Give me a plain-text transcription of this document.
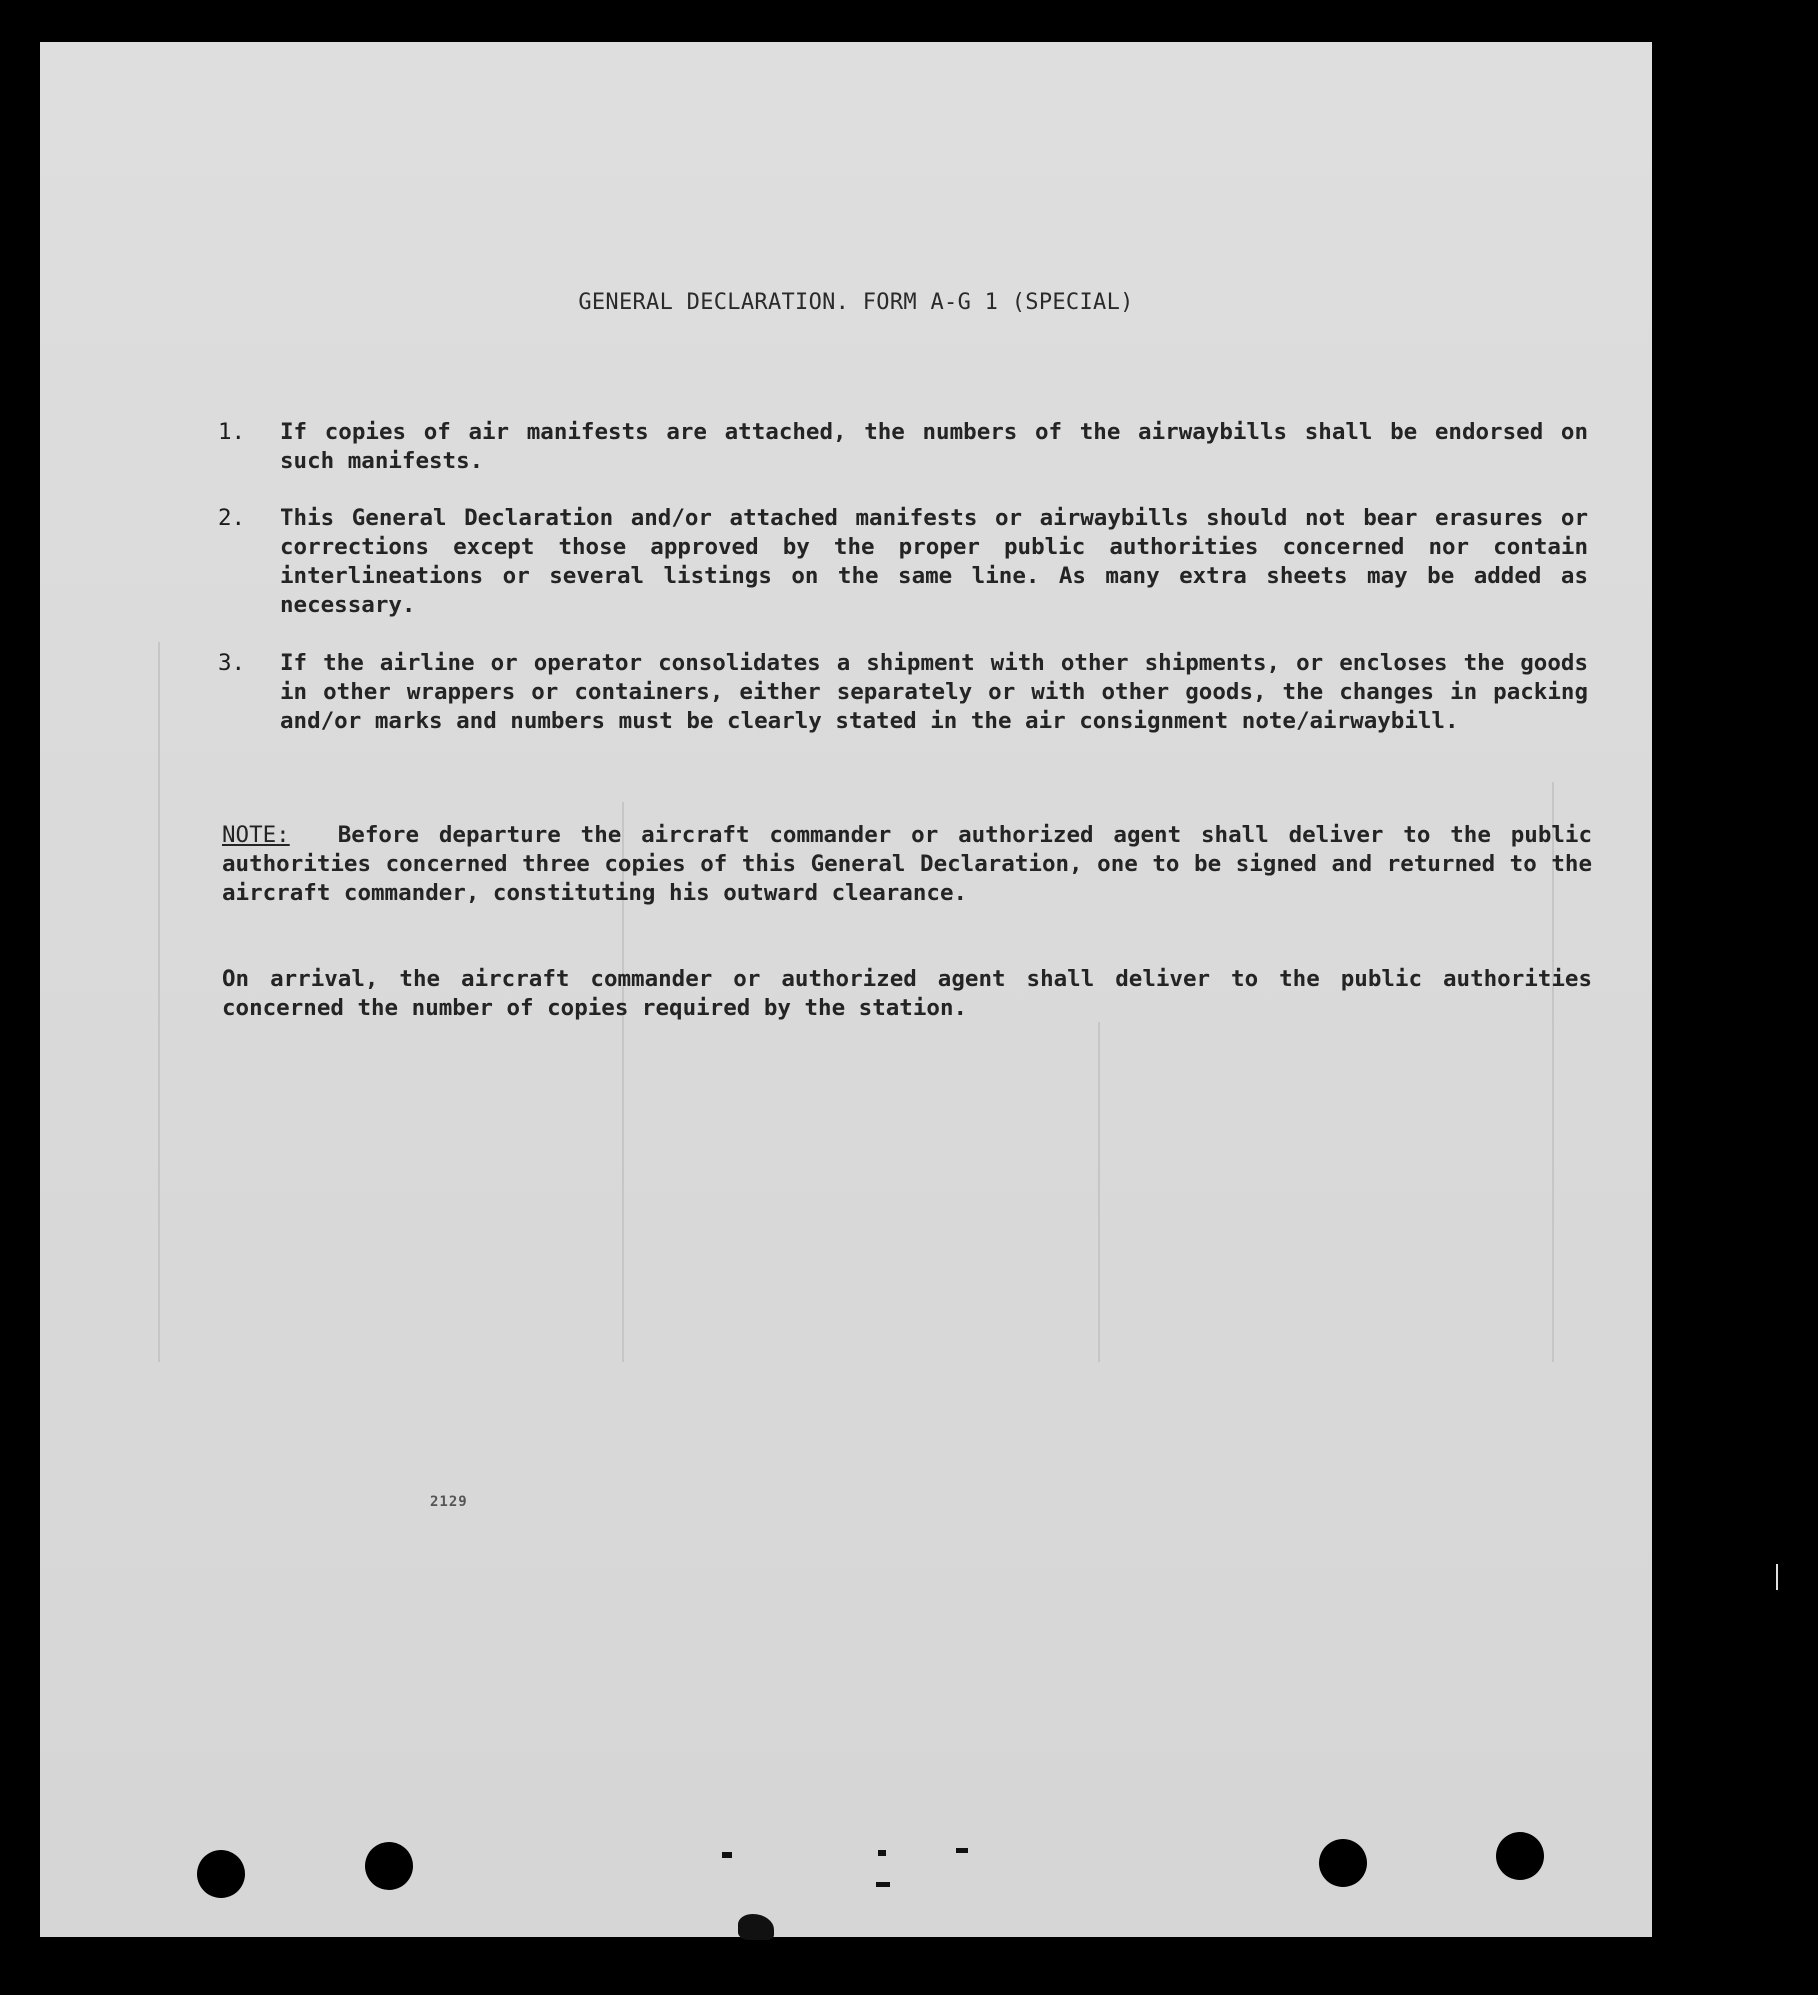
GENERAL DECLARATION. FORM A-G 1 (SPECIAL)
1.	If copies of air manifests are attached, the numbers of the airwaybills shall be endorsed on such manifests.
2.	This General Declaration and/or attached manifests or airwaybills should not bear erasures or corrections except those approved by the proper public authorities concerned nor contain interlineations or several listings on the same line. As many extra sheets may be added as necessary.
3.	If the airline or operator consolidates a shipment with other shipments, or encloses the goods in other wrappers or containers, either separately or with other goods, the changes in packing and/or marks and numbers must be clearly stated in the air consignment note/airwaybill.
NOTE: Before departure the aircraft commander or authorized agent shall deliver to the public authorities concerned three copies of this General Declaration, one to be signed and returned to the aircraft commander, constituting his outward clearance.
On arrival, the aircraft commander or authorized agent shall deliver to the public authorities concerned the number of copies required by the station.
2129
